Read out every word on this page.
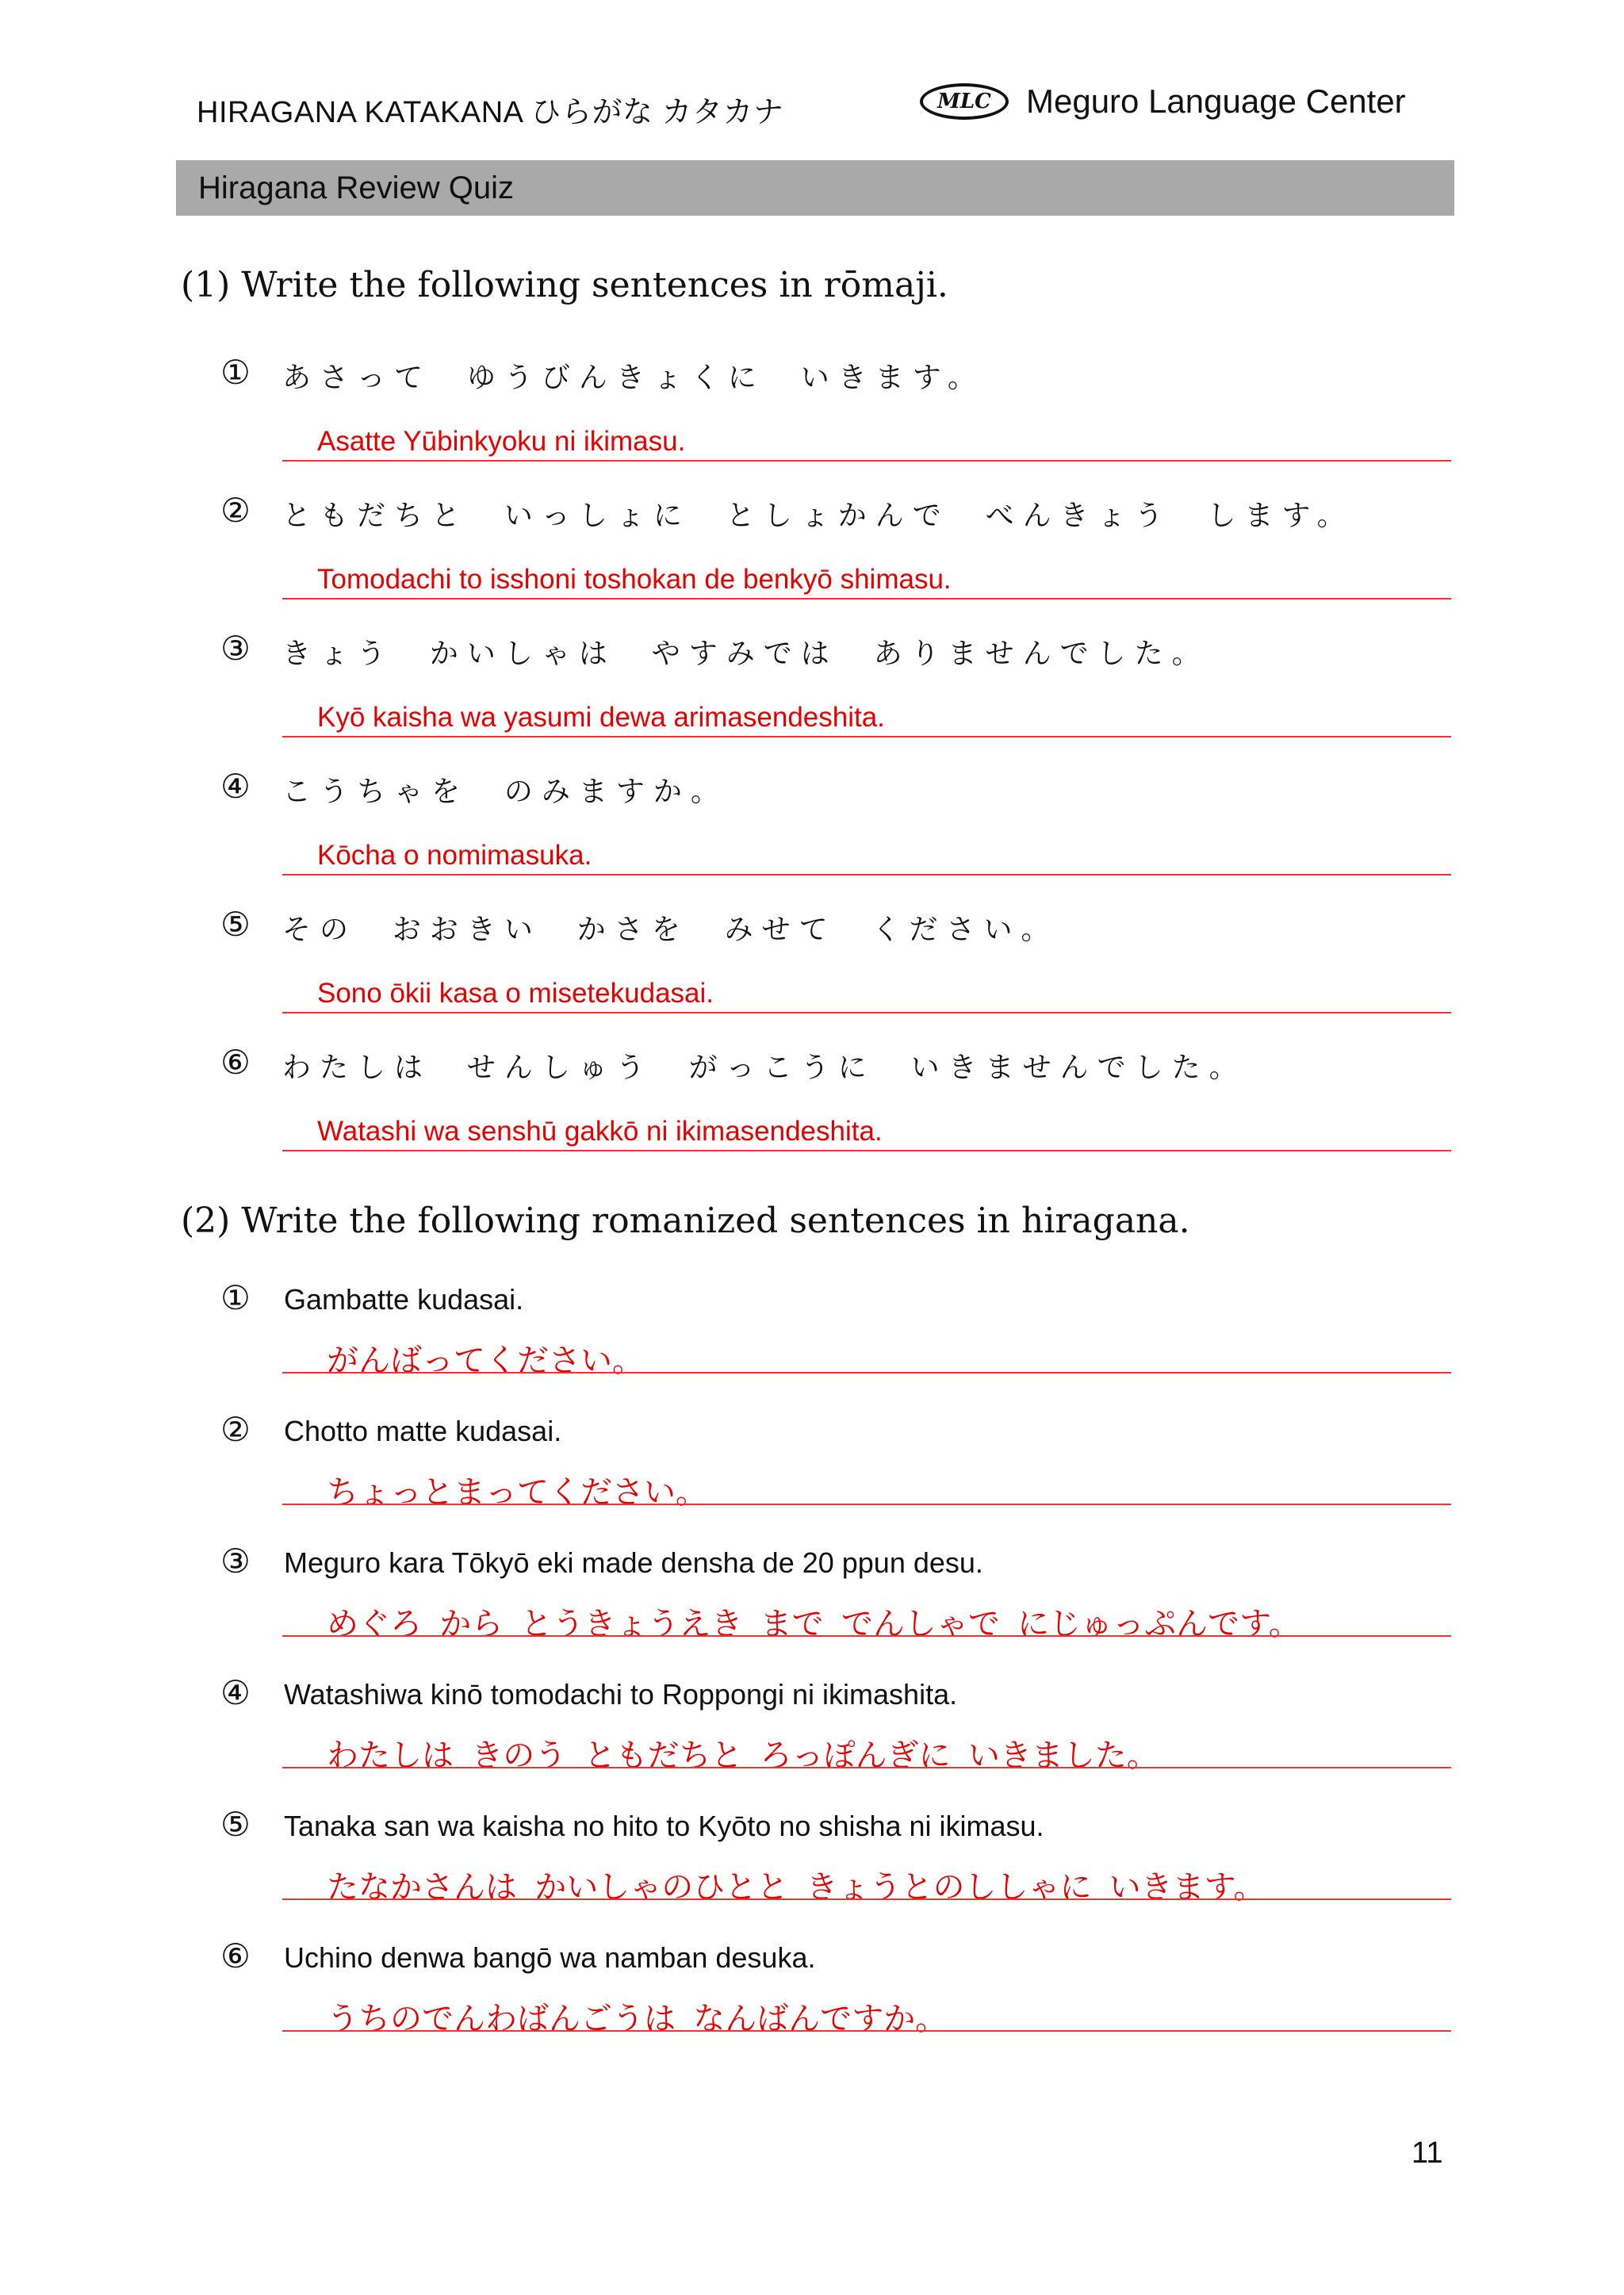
HIRAGANA KATAKANA ひらがな カタカナ	MLC	Meguro Language Center
Hiragana Review Quiz
(1) Write the following sentences in rōmaji.
① あさって  ゆうびんきょくに  いきます。
Asatte Yūbinkyoku ni ikimasu.
② ともだちと  いっしょに  としょかんで  べんきょう  します。
Tomodachi to isshoni toshokan de benkyō shimasu.
③ きょう  かいしゃは  やすみでは  ありませんでした。
Kyō kaisha wa yasumi dewa arimasendeshita.
④ こうちゃを  のみますか。
Kōcha o nomimasuka.
⑤ その  おおきい  かさを  みせて  ください。
Sono ōkii kasa o misetekudasai.
⑥ わたしは  せんしゅう  がっこうに  いきませんでした。
Watashi wa senshū gakkō ni ikimasendeshita.
(2) Write the following romanized sentences in hiragana.
① Gambatte kudasai.
がんばってください。
② Chotto matte kudasai.
ちょっとまってください。
③ Meguro kara Tōkyō eki made densha de 20 ppun desu.
めぐろ  から  とうきょうえき  まで  でんしゃで  にじゅっぷんです。
④ Watashiwa kinō tomodachi to Roppongi ni ikimashita.
わたしは  きのう  ともだちと  ろっぽんぎに  いきました。
⑤ Tanaka san wa kaisha no hito to Kyōto no shisha ni ikimasu.
たなかさんは  かいしゃのひとと  きょうとのししゃに  いきます。
⑥ Uchino denwa bangō wa namban desuka.
うちのでんわばんごうは  なんばんですか。
11
